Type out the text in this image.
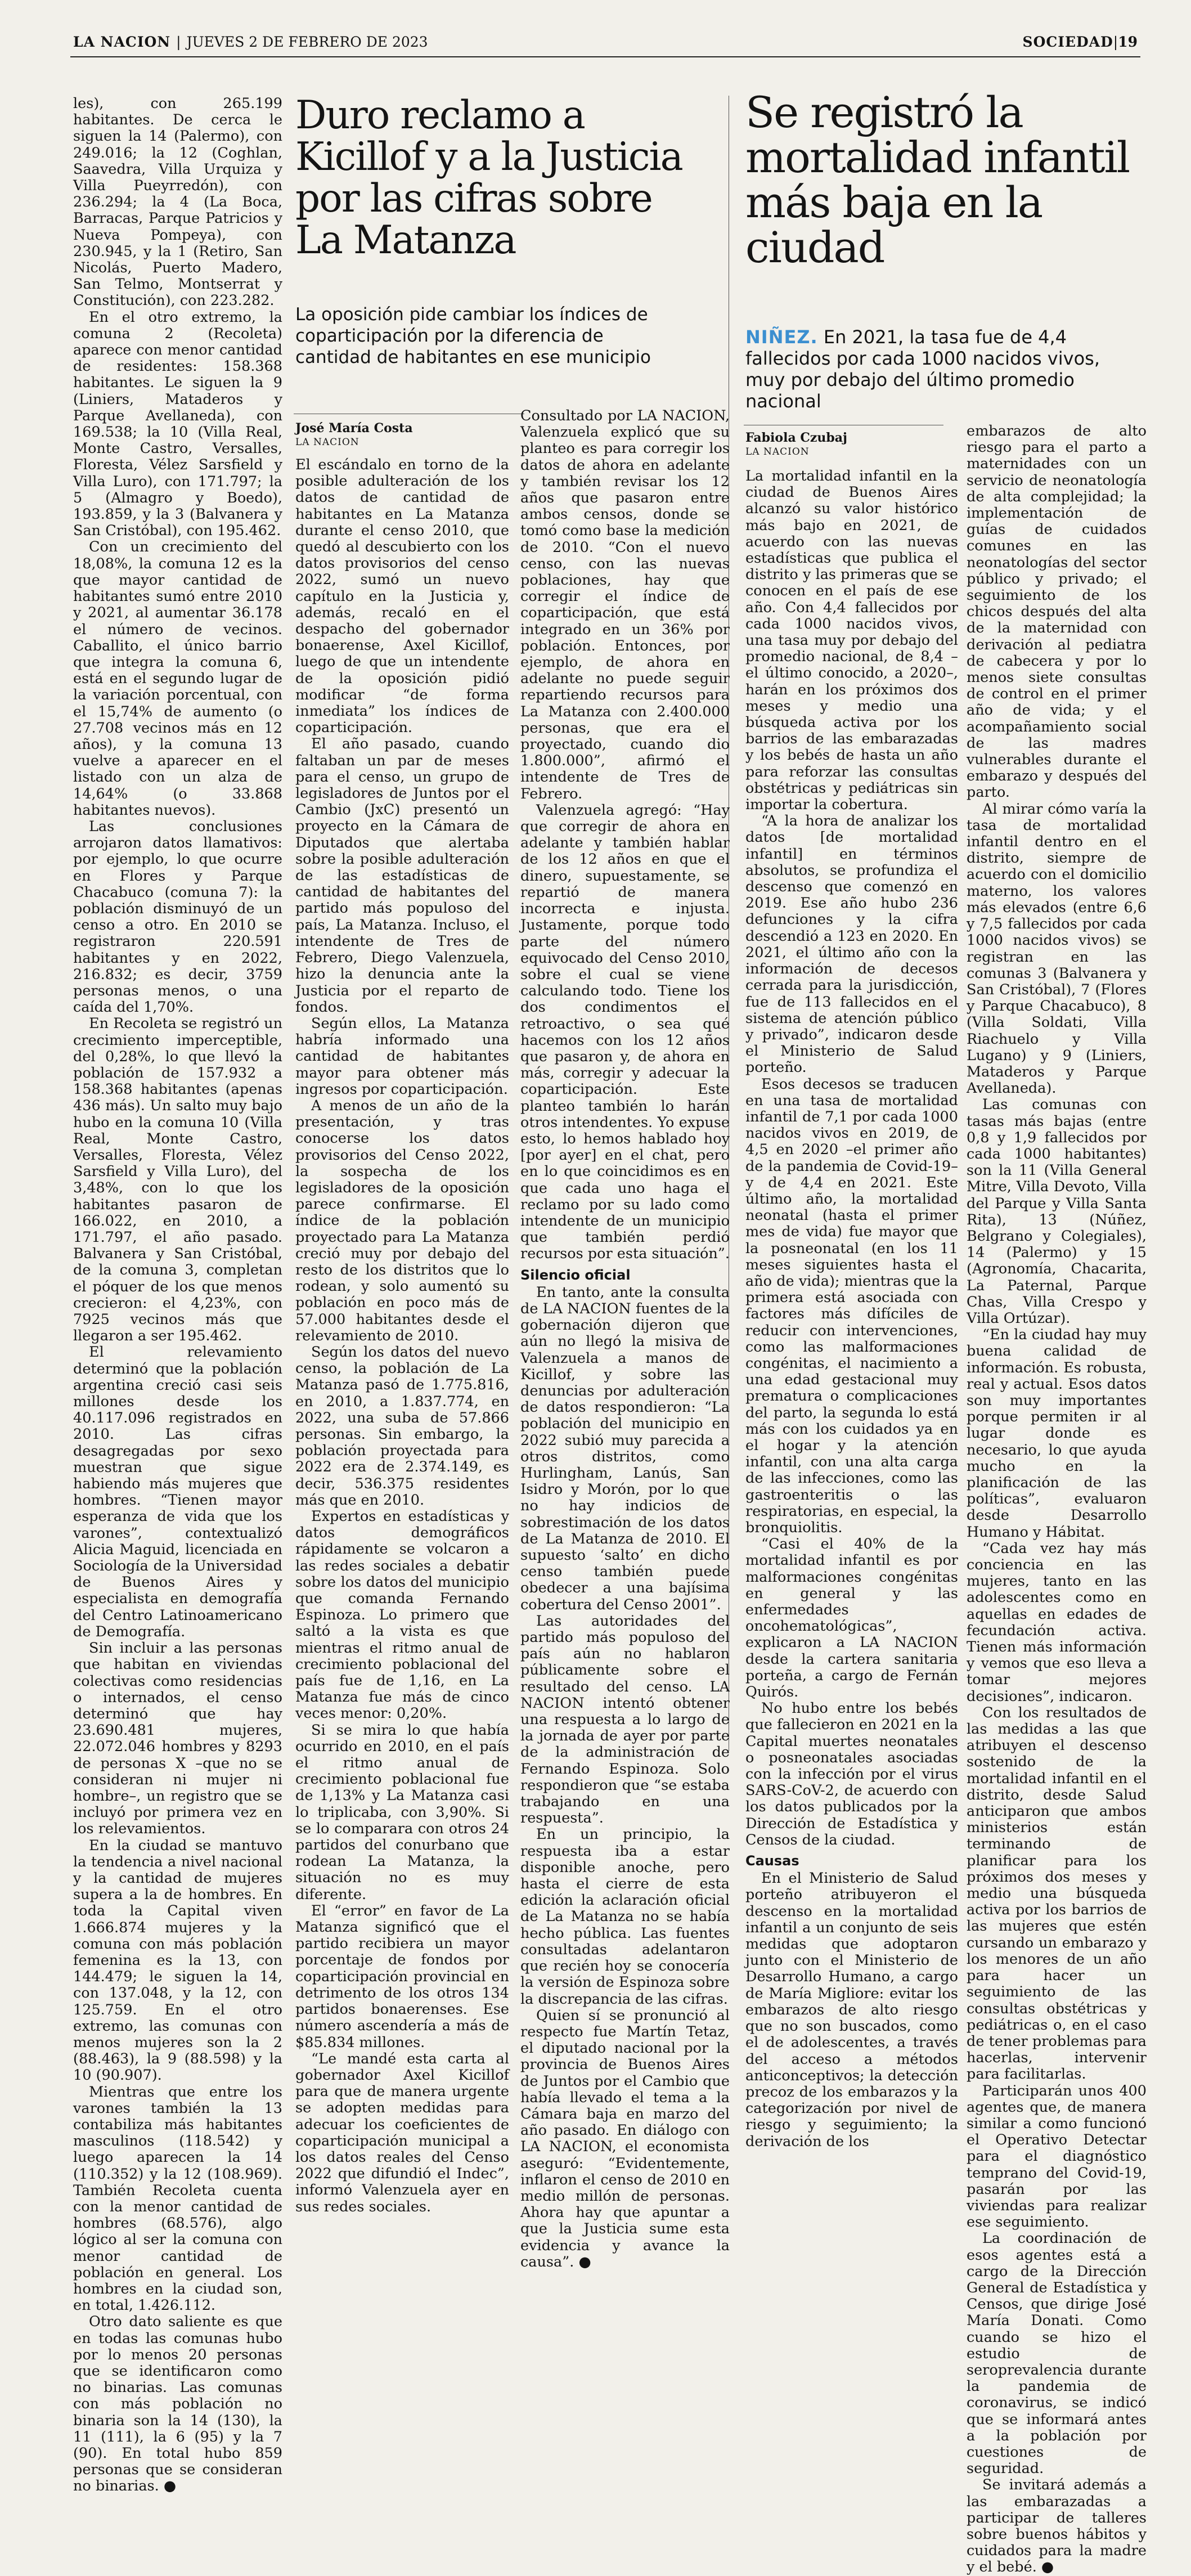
LA NACION | JUEVES 2 DE FEBRERO DE 2023	SOCIEDAD|19

les), con 265.199 habitantes. De cerca le siguen la 14 (Palermo), con 249.016; la 12 (Coghlan, Saavedra, Villa Urquiza y Villa Pueyrredón), con 236.294; la 4 (La Boca, Barracas, Parque Patricios y Nueva Pompeya), con 230.945, y la 1 (Retiro, San Nicolás, Puerto Madero, San Telmo, Montserrat y Constitución), con 223.282.

En el otro extremo, la comuna 2 (Recoleta) aparece con menor cantidad de residentes: 158.368 habitantes. Le siguen la 9 (Liniers, Mataderos y Parque Avellaneda), con 169.538; la 10 (Villa Real, Monte Castro, Versalles, Floresta, Vélez Sarsfield y Villa Luro), con 171.797; la 5 (Almagro y Boedo), 193.859, y la 3 (Balvanera y San Cristóbal), con 195.462.

Con un crecimiento del 18,08%, la comuna 12 es la que mayor cantidad de habitantes sumó entre 2010 y 2021, al aumentar 36.178 el número de vecinos. Caballito, el único barrio que integra la comuna 6, está en el segundo lugar de la variación porcentual, con el 15,74% de aumento (o 27.708 vecinos más en 12 años), y la comuna 13 vuelve a aparecer en el listado con un alza de 14,64% (o 33.868 habitantes nuevos).

Las conclusiones arrojaron datos llamativos: por ejemplo, lo que ocurre en Flores y Parque Chacabuco (comuna 7): la población disminuyó de un censo a otro. En 2010 se registraron 220.591 habitantes y en 2022, 216.832; es decir, 3759 personas menos, o una caída del 1,70%.

En Recoleta se registró un crecimiento imperceptible, del 0,28%, lo que llevó la población de 157.932 a 158.368 habitantes (apenas 436 más). Un salto muy bajo hubo en la comuna 10 (Villa Real, Monte Castro, Versalles, Floresta, Vélez Sarsfield y Villa Luro), del 3,48%, con lo que los habitantes pasaron de 166.022, en 2010, a 171.797, el año pasado. Balvanera y San Cristóbal, de la comuna 3, completan el póquer de los que menos crecieron: el 4,23%, con 7925 vecinos más que llegaron a ser 195.462.

El relevamiento determinó que la población argentina creció casi seis millones desde los 40.117.096 registrados en 2010. Las cifras desagregadas por sexo muestran que sigue habiendo más mujeres que hombres. “Tienen mayor esperanza de vida que los varones”, contextualizó Alicia Maguid, licenciada en Sociología de la Universidad de Buenos Aires y especialista en demografía del Centro Latinoamericano de Demografía.

Sin incluir a las personas que habitan en viviendas colectivas como residencias o internados, el censo determinó que hay 23.690.481 mujeres, 22.072.046 hombres y 8293 de personas X –que no se consideran ni mujer ni hombre–, un registro que se incluyó por primera vez en los relevamientos.

En la ciudad se mantuvo la tendencia a nivel nacional y la cantidad de mujeres supera a la de hombres. En toda la Capital viven 1.666.874 mujeres y la comuna con más población femenina es la 13, con 144.479; le siguen la 14, con 137.048, y la 12, con 125.759. En el otro extremo, las comunas con menos mujeres son la 2 (88.463), la 9 (88.598) y la 10 (90.907).

Mientras que entre los varones también la 13 contabiliza más habitantes masculinos (118.542) y luego aparecen la 14 (110.352) y la 12 (108.969). También Recoleta cuenta con la menor cantidad de hombres (68.576), algo lógico al ser la comuna con menor cantidad de población en general. Los hombres en la ciudad son, en total, 1.426.112.

Otro dato saliente es que en todas las comunas hubo por lo menos 20 personas que se identificaron como no binarias. Las comunas con más población no binaria son la 14 (130), la 11 (111), la 6 (95) y la 7 (90). En total hubo 859 personas que se consideran no binarias. ●

Duro reclamo a Kicillof y a la Justicia por las cifras sobre La Matanza

La oposición pide cambiar los índices de coparticipación por la diferencia de cantidad de habitantes en ese municipio

José María Costa
LA NACION

El escándalo en torno de la posible adulteración de los datos de cantidad de habitantes en La Matanza durante el censo 2010, que quedó al descubierto con los datos provisorios del censo 2022, sumó un nuevo capítulo en la Justicia y, además, recaló en el despacho del gobernador bonaerense, Axel Kicillof, luego de que un intendente de la oposición pidió modificar “de forma inmediata” los índices de coparticipación.

El año pasado, cuando faltaban un par de meses para el censo, un grupo de legisladores de Juntos por el Cambio (JxC) presentó un proyecto en la Cámara de Diputados que alertaba sobre la posible adulteración de las estadísticas de cantidad de habitantes del partido más populoso del país, La Matanza. Incluso, el intendente de Tres de Febrero, Diego Valenzuela, hizo la denuncia ante la Justicia por el reparto de fondos.

Según ellos, La Matanza habría informado una cantidad de habitantes mayor para obtener más ingresos por coparticipación.

A menos de un año de la presentación, y tras conocerse los datos provisorios del Censo 2022, la sospecha de los legisladores de la oposición parece confirmarse. El índice de la población proyectado para La Matanza creció muy por debajo del resto de los distritos que lo rodean, y solo aumentó su población en poco más de 57.000 habitantes desde el relevamiento de 2010.

Según los datos del nuevo censo, la población de La Matanza pasó de 1.775.816, en 2010, a 1.837.774, en 2022, una suba de 57.866 personas. Sin embargo, la población proyectada para 2022 era de 2.374.149, es decir, 536.375 residentes más que en 2010.

Expertos en estadísticas y datos demográficos rápidamente se volcaron a las redes sociales a debatir sobre los datos del municipio que comanda Fernando Espinoza. Lo primero que saltó a la vista es que mientras el ritmo anual de crecimiento poblacional del país fue de 1,16, en La Matanza fue más de cinco veces menor: 0,20%.

Si se mira lo que había ocurrido en 2010, en el país el ritmo anual de crecimiento poblacional fue de 1,13% y La Matanza casi lo triplicaba, con 3,90%. Si se lo comparara con otros 24 partidos del conurbano que rodean La Matanza, la situación no es muy diferente.

El “error” en favor de La Matanza significó que el partido recibiera un mayor porcentaje de fondos por coparticipación provincial en detrimento de los otros 134 partidos bonaerenses. Ese número ascendería a más de $85.834 millones.

“Le mandé esta carta al gobernador Axel Kicillof para que de manera urgente se adopten medidas para adecuar los coeficientes de coparticipación municipal a los datos reales del Censo 2022 que difundió el Indec”, informó Valenzuela ayer en sus redes sociales.

Consultado por LA NACION, Valenzuela explicó que su planteo es para corregir los datos de ahora en adelante y también revisar los 12 años que pasaron entre ambos censos, donde se tomó como base la medición de 2010. “Con el nuevo censo, con las nuevas poblaciones, hay que corregir el índice de coparticipación, que está integrado en un 36% por población. Entonces, por ejemplo, de ahora en adelante no puede seguir repartiendo recursos para La Matanza con 2.400.000 personas, que era el proyectado, cuando dio 1.800.000”, afirmó el intendente de Tres de Febrero.

Valenzuela agregó: “Hay que corregir de ahora en adelante y también hablar de los 12 años en que el dinero, supuestamente, se repartió de manera incorrecta e injusta. Justamente, porque todo parte del número equivocado del Censo 2010, sobre el cual se viene calculando todo. Tiene los dos condimentos el retroactivo, o sea qué hacemos con los 12 años que pasaron y, de ahora en más, corregir y adecuar la coparticipación. Este planteo también lo harán otros intendentes. Yo expuse esto, lo hemos hablado hoy [por ayer] en el chat, pero en lo que coincidimos es en que cada uno haga el reclamo por su lado como intendente de un municipio que también perdió recursos por esta situación”.

Silencio oficial

En tanto, ante la consulta de LA NACION fuentes de la gobernación dijeron que aún no llegó la misiva de Valenzuela a manos de Kicillof, y sobre las denuncias por adulteración de datos respondieron: “La población del municipio en 2022 subió muy parecida a otros distritos, como Hurlingham, Lanús, San Isidro y Morón, por lo que no hay indicios de sobrestimación de los datos de La Matanza de 2010. El supuesto ‘salto’ en dicho censo también puede obedecer a una bajísima cobertura del Censo 2001”.

Las autoridades del partido más populoso del país aún no hablaron públicamente sobre el resultado del censo. LA NACION intentó obtener una respuesta a lo largo de la jornada de ayer por parte de la administración de Fernando Espinoza. Solo respondieron que “se estaba trabajando en una respuesta”.

En un principio, la respuesta iba a estar disponible anoche, pero hasta el cierre de esta edición la aclaración oficial de La Matanza no se había hecho pública. Las fuentes consultadas adelantaron que recién hoy se conocería la versión de Espinoza sobre la discrepancia de las cifras.

Quien sí se pronunció al respecto fue Martín Tetaz, el diputado nacional por la provincia de Buenos Aires de Juntos por el Cambio que había llevado el tema a la Cámara baja en marzo del año pasado. En diálogo con LA NACION, el economista aseguró: “Evidentemente, inflaron el censo de 2010 en medio millón de personas. Ahora hay que apuntar a que la Justicia sume esta evidencia y avance la causa”. ●

Se registró la mortalidad infantil más baja en la ciudad

NIÑEZ. En 2021, la tasa fue de 4,4 fallecidos por cada 1000 nacidos vivos, muy por debajo del último promedio nacional

Fabiola Czubaj
LA NACION

La mortalidad infantil en la ciudad de Buenos Aires alcanzó su valor histórico más bajo en 2021, de acuerdo con las nuevas estadísticas que publica el distrito y las primeras que se conocen en el país de ese año. Con 4,4 fallecidos por cada 1000 nacidos vivos, una tasa muy por debajo del promedio nacional, de 8,4 –el último conocido, a 2020–, harán en los próximos dos meses y medio una búsqueda activa por los barrios de las embarazadas y los bebés de hasta un año para reforzar las consultas obstétricas y pediátricas sin importar la cobertura.

“A la hora de analizar los datos [de mortalidad infantil] en términos absolutos, se profundiza el descenso que comenzó en 2019. Ese año hubo 236 defunciones y la cifra descendió a 123 en 2020. En 2021, el último año con la información de decesos cerrada para la jurisdicción, fue de 113 fallecidos en el sistema de atención público y privado”, indicaron desde el Ministerio de Salud porteño.

Esos decesos se traducen en una tasa de mortalidad infantil de 7,1 por cada 1000 nacidos vivos en 2019, de 4,5 en 2020 –el primer año de la pandemia de Covid-19– y de 4,4 en 2021. Este último año, la mortalidad neonatal (hasta el primer mes de vida) fue mayor que la posneonatal (en los 11 meses siguientes hasta el año de vida); mientras que la primera está asociada con factores más difíciles de reducir con intervenciones, como las malformaciones congénitas, el nacimiento a una edad gestacional muy prematura o complicaciones del parto, la segunda lo está más con los cuidados ya en el hogar y la atención infantil, con una alta carga de las infecciones, como las gastroenteritis o las respiratorias, en especial, la bronquiolitis.

“Casi el 40% de la mortalidad infantil es por malformaciones congénitas en general y las enfermedades oncohematológicas”, explicaron a LA NACION desde la cartera sanitaria porteña, a cargo de Fernán Quirós.

No hubo entre los bebés que fallecieron en 2021 en la Capital muertes neonatales o posneonatales asociadas con la infección por el virus SARS-CoV-2, de acuerdo con los datos publicados por la Dirección de Estadística y Censos de la ciudad.

Causas

En el Ministerio de Salud porteño atribuyeron el descenso en la mortalidad infantil a un conjunto de seis medidas que adoptaron junto con el Ministerio de Desarrollo Humano, a cargo de María Migliore: evitar los embarazos de alto riesgo que no son buscados, como el de adolescentes, a través del acceso a métodos anticonceptivos; la detección precoz de los embarazos y la categorización por nivel de riesgo y seguimiento; la derivación de los

embarazos de alto riesgo para el parto a maternidades con un servicio de neonatología de alta complejidad; la implementación de guías de cuidados comunes en las neonatologías del sector público y privado; el seguimiento de los chicos después del alta de la maternidad con derivación al pediatra de cabecera y por lo menos siete consultas de control en el primer año de vida; y el acompañamiento social de las madres vulnerables durante el embarazo y después del parto.

Al mirar cómo varía la tasa de mortalidad infantil dentro en el distrito, siempre de acuerdo con el domicilio materno, los valores más elevados (entre 6,6 y 7,5 fallecidos por cada 1000 nacidos vivos) se registran en las comunas 3 (Balvanera y San Cristóbal), 7 (Flores y Parque Chacabuco), 8 (Villa Soldati, Villa Riachuelo y Villa Lugano) y 9 (Liniers, Mataderos y Parque Avellaneda).

Las comunas con tasas más bajas (entre 0,8 y 1,9 fallecidos por cada 1000 habitantes) son la 11 (Villa General Mitre, Villa Devoto, Villa del Parque y Villa Santa Rita), 13 (Núñez, Belgrano y Colegiales), 14 (Palermo) y 15 (Agronomía, Chacarita, La Paternal, Parque Chas, Villa Crespo y Villa Ortúzar).

“En la ciudad hay muy buena calidad de información. Es robusta, real y actual. Esos datos son muy importantes porque permiten ir al lugar donde es necesario, lo que ayuda mucho en la planificación de las políticas”, evaluaron desde Desarrollo Humano y Hábitat.

“Cada vez hay más conciencia en las mujeres, tanto en las adolescentes como en aquellas en edades de fecundación activa. Tienen más información y vemos que eso lleva a tomar mejores decisiones”, indicaron.

Con los resultados de las medidas a las que atribuyen el descenso sostenido de la mortalidad infantil en el distrito, desde Salud anticiparon que ambos ministerios están terminando de planificar para los próximos dos meses y medio una búsqueda activa por los barrios de las mujeres que estén cursando un embarazo y los menores de un año para hacer un seguimiento de las consultas obstétricas y pediátricas o, en el caso de tener problemas para hacerlas, intervenir para facilitarlas.

Participarán unos 400 agentes que, de manera similar a como funcionó el Operativo Detectar para el diagnóstico temprano del Covid-19, pasarán por las viviendas para realizar ese seguimiento.

La coordinación de esos agentes está a cargo de la Dirección General de Estadística y Censos, que dirige José María Donati. Como cuando se hizo el estudio de seroprevalencia durante la pandemia de coronavirus, se indicó que se informará antes a la población por cuestiones de seguridad.

Se invitará además a las embarazadas a participar de talleres sobre buenos hábitos y cuidados para la madre y el bebé. ●
